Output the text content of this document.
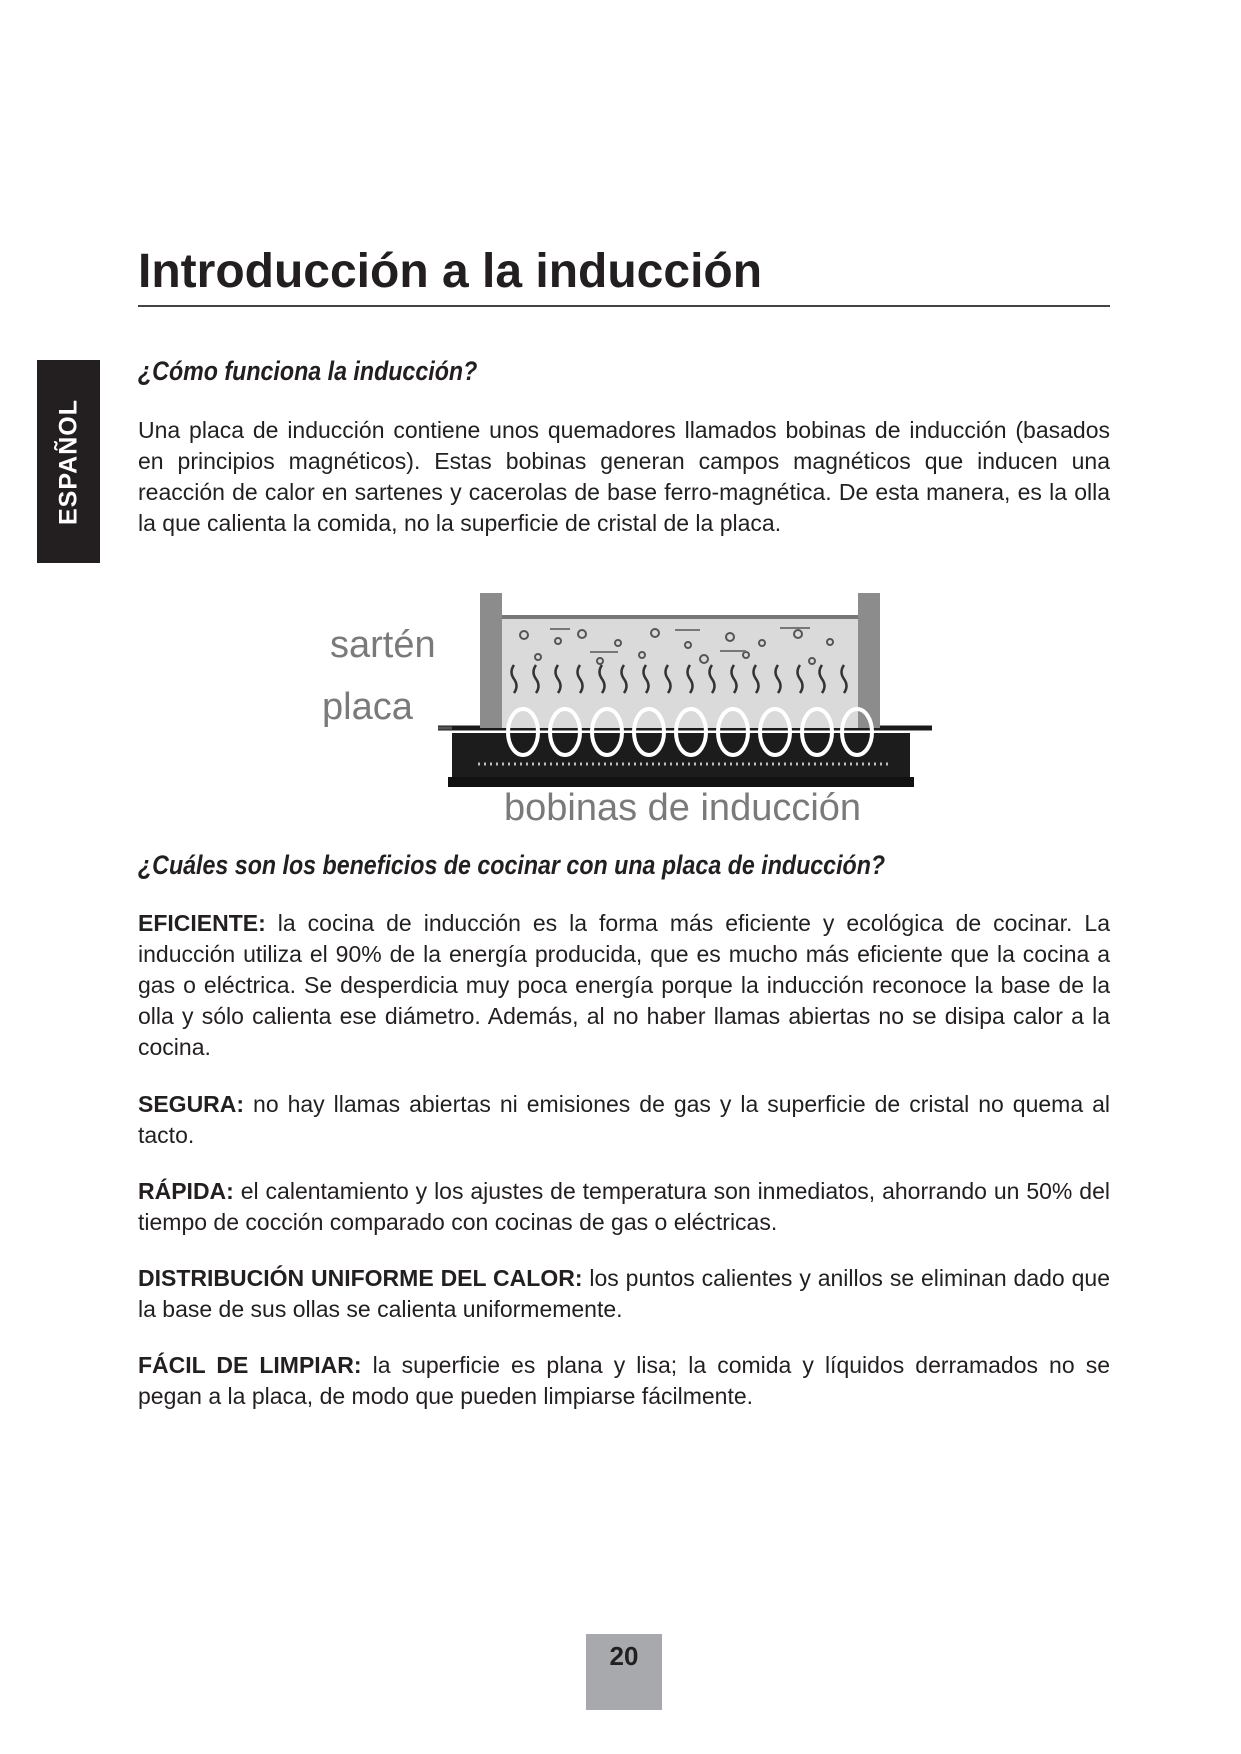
ESPAÑOL
Introducción a la inducción
¿Cómo funciona la inducción?

Una placa de inducción contiene unos quemadores llamados bobinas de inducción (basados en principios magnéticos). Estas bobinas generan campos magnéticos que inducen una reacción de calor en sartenes y cacerolas de base ferro-magnética. De esta manera, es la olla la que calienta la comida, no la superficie de cristal de la placa.

sartén
placa
bobinas de inducción
¿Cuáles son los beneficios de cocinar con una placa de inducción?

EFICIENTE: la cocina de inducción es la forma más eficiente y ecológica de cocinar. La inducción utiliza el 90% de la energía producida, que es mucho más eficiente que la cocina a gas o eléctrica. Se desperdicia muy poca energía porque la inducción reconoce la base de la olla y sólo calienta ese diámetro. Además, al no haber llamas abiertas no se disipa calor a la cocina.

SEGURA: no hay llamas abiertas ni emisiones de gas y la superficie de cristal no quema al tacto.

RÁPIDA: el calentamiento y los ajustes de temperatura son inmediatos, ahorrando un 50% del tiempo de cocción comparado con cocinas de gas o eléctricas.

DISTRIBUCIÓN UNIFORME DEL CALOR: los puntos calientes y anillos se eliminan dado que la base de sus ollas se calienta uniformemente.

FÁCIL DE LIMPIAR: la superficie es plana y lisa; la comida y líquidos derramados no se pegan a la placa, de modo que pueden limpiarse fácilmente.

20
